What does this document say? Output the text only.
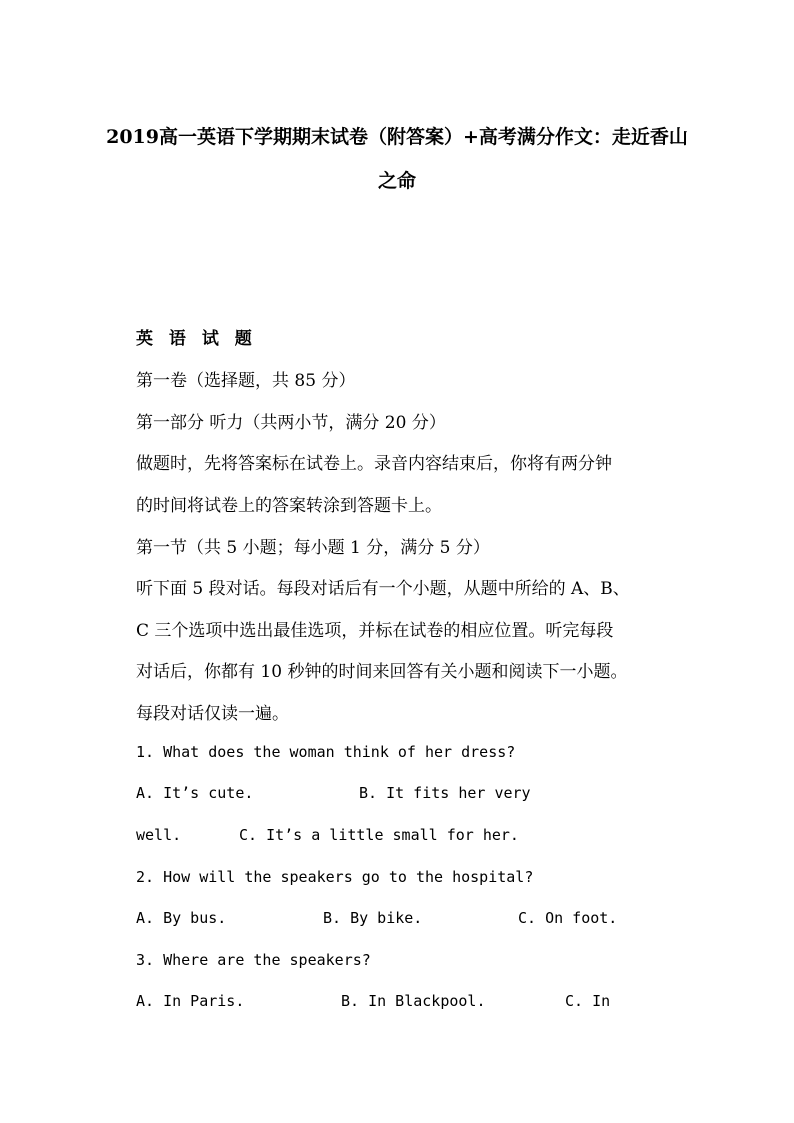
2019高一英语下学期期末试卷（附答案）+高考满分作文：走近香山
之命
英 语 试 题
第一卷（选择题，共 85 分）
第一部分 听力（共两小节，满分 20 分）
做题时，先将答案标在试卷上。录音内容结束后，你将有两分钟
的时间将试卷上的答案转涂到答题卡上。
第一节（共 5 小题；每小题 1 分，满分 5 分）
听下面 5 段对话。每段对话后有一个小题，从题中所给的 A、B、
C 三个选项中选出最佳选项，并标在试卷的相应位置。听完每段
对话后，你都有 10 秒钟的时间来回答有关小题和阅读下一小题。
每段对话仅读一遍。
1. What does the woman think of her dress?
A. It’s cute.	B. It fits her very
well.	C. It’s a little small for her.
2. How will the speakers go to the hospital?
A. By bus.	B. By bike.	C. On foot.
3. Where are the speakers?
A. In Paris.	B. In Blackpool.	C. In
